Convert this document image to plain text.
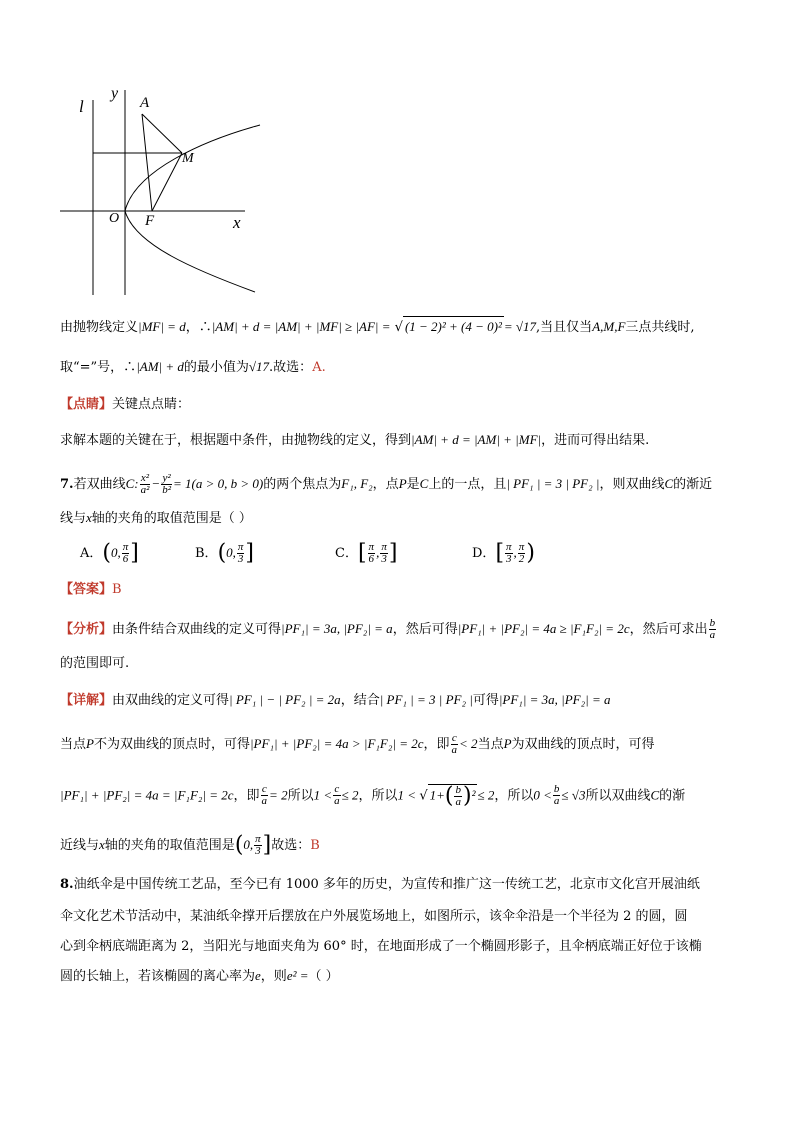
l
y
A
M
O F	x
由抛物线定义|MF| = d，∴|AM| + d = |AM| + |MF| ≥ |AF| = √ (1 − 2)² + (4 − 0)² = √17,当且仅当A,M,F三点共线时,
取“=”号，∴|AM| + d的最小值为√17.故选：A.
【点睛】关键点点睛：
求解本题的关键在于，根据题中条件，由抛物线的定义，得到|AM| + d = |AM| + |MF|，进而可得出结果.
7.若双曲线C: $\frac{\text{x²}}{\text{a²}} - \frac{\text{y²}}{\text{b²}} = 1(a > 0$, b > 0)的两个焦点为F₁, F₂，点P是C上的一点，且| PF₁ | = 3 | PF₂ |，则双曲线C的渐近
线与x轴的夹角的取值范围是（ ）
A．(0, $\frac{\pi}{6}$ ]	B．(0, $\frac{\pi}{3}$ ]	C．[ $\frac{\pi}{6}$ , $\frac{\pi}{3}$ ]	D．[ $\frac{\pi}{3}$ , $\frac{\pi}{2}$ )
【答案】B
【分析】由条件结合双曲线的定义可得|PF₁| = 3a, |PF₂| = a，然后可得|PF₁| + |PF₂| = 4a ≥ |F₁F₂| = 2c，然后可求出 $\frac{b}{a}$
的范围即可.
【详解】由双曲线的定义可得| PF₁ | − | PF₂ | = 2a，结合| PF₁ | = 3 | PF₂ |可得|PF₁| = 3a, |PF₂| = a
当点P不为双曲线的顶点时，可得|PF₁| + |PF₂| = 4a > |F₁F₂| = 2c，即 $\frac{c}{a} < 2$当点P为双曲线的顶点时，可得
|PF₁| + |PF₂| = 4a = |F₁F₂| = 2c，即 $\frac{c}{a} = 2$所以$1 < \frac{c}{a} \le 2$，所以1 < √ $1+( \frac{b}{a} )^2 \le 2$，所以$0 < \frac{b}{a} \le √3$所以双曲线C的渐
近线与x轴的夹角的取值范围是(0, $\frac{\pi}{3}$ ]故选：B
8.油纸伞是中国传统工艺品，至今已有 1000 多年的历史，为宣传和推广这一传统工艺，北京市文化宫开展油纸
伞文化艺术节活动中，某油纸伞撑开后摆放在户外展览场地上，如图所示，该伞伞沿是一个半径为 2 的圆，圆
心到伞柄底端距离为 2，当阳光与地面夹角为 60° 时，在地面形成了一个椭圆形影子，且伞柄底端正好位于该椭
圆的长轴上，若该椭圆的离心率为e，则e² =（ ）
